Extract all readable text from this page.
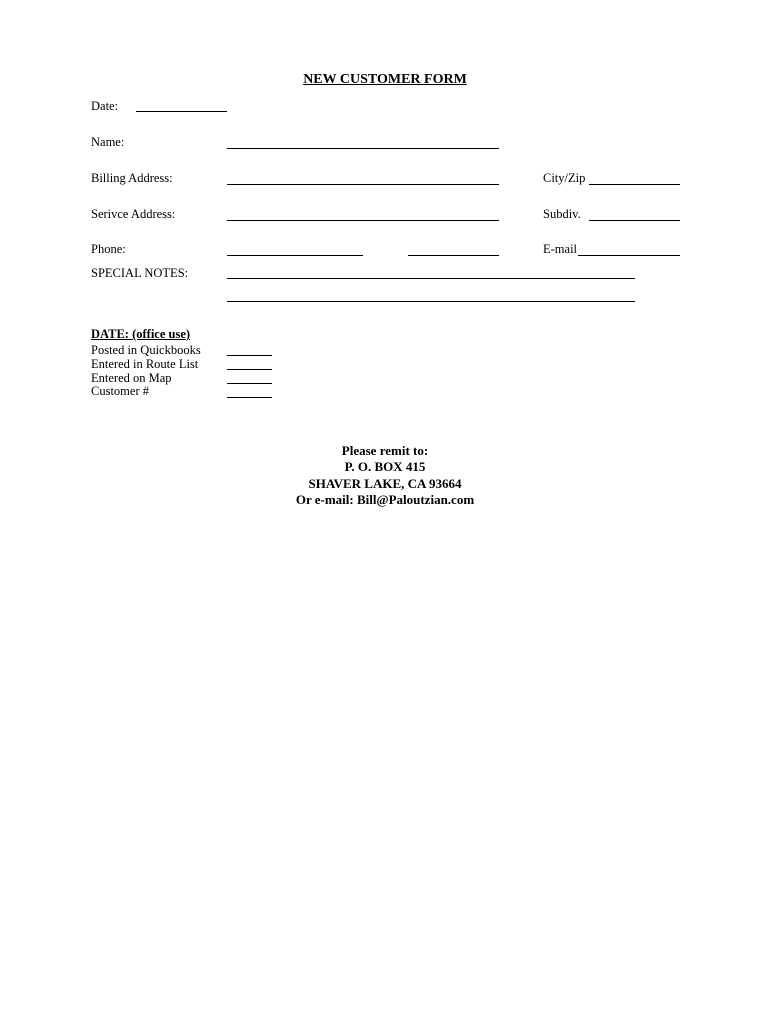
NEW CUSTOMER FORM
Date:
Name:
Billing Address:	City/Zip
Serivce Address:	Subdiv.
Phone:	E-mail
SPECIAL NOTES:
DATE: (office use)
Posted in Quickbooks
Entered in Route List
Entered on Map
Customer #
Please remit to:
P. O. BOX 415
SHAVER LAKE, CA 93664
Or e-mail: Bill@Paloutzian.com
